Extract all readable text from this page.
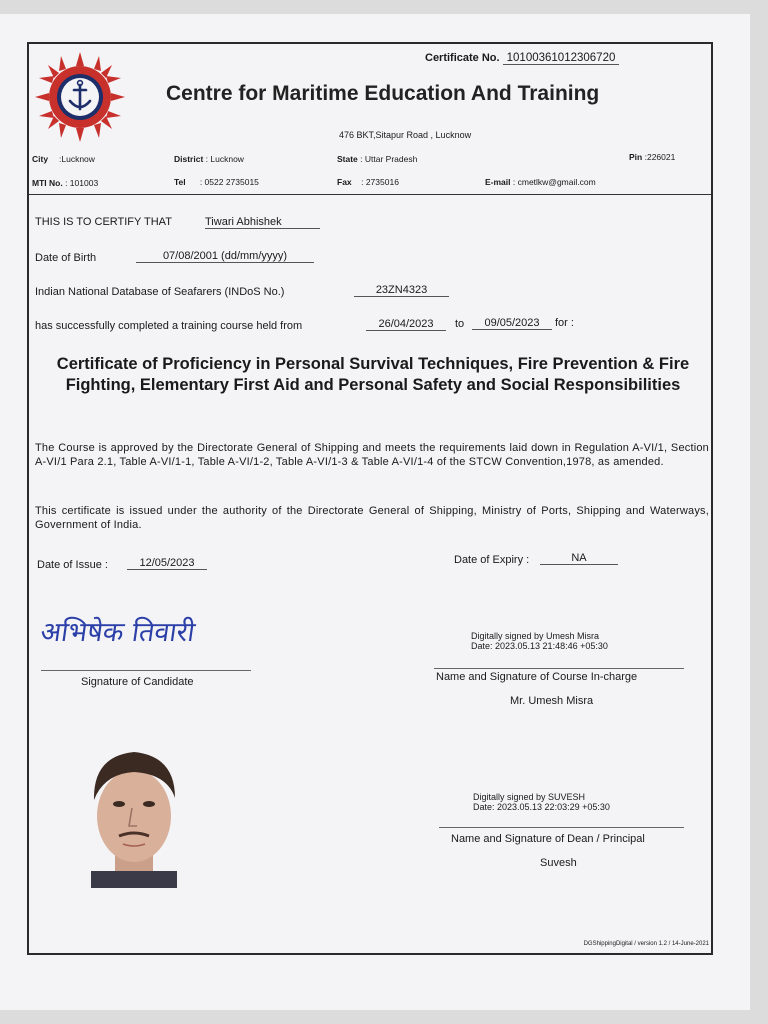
Certificate No. 10100361012306720
Centre for Maritime Education And Training
476 BKT,Sitapur Road , Lucknow
City :Lucknow	District : Lucknow	State : Uttar Pradesh	Pin :226021
MTI No. : 101003	Tel : 0522 2735015	Fax : 2735016	E-mail : cmetlkw@gmail.com
THIS IS TO CERTIFY THAT	Tiwari Abhishek
Date of Birth	07/08/2001 (dd/mm/yyyy)
Indian National Database of Seafarers (INDoS No.)	23ZN4323
has successfully completed a training course held from	26/04/2023	to	09/05/2023	for :
Certificate of Proficiency in Personal Survival Techniques, Fire Prevention & Fire Fighting, Elementary First Aid and Personal Safety and Social Responsibilities
The Course is approved by the Directorate General of Shipping and meets the requirements laid down in Regulation A-VI/1, Section A-VI/1 Para 2.1, Table A-VI/1-1, Table A-VI/1-2, Table A-VI/1-3 & Table A-VI/1-4 of the STCW Convention,1978, as amended.
This certificate is issued under the authority of the Directorate General of Shipping, Ministry of Ports, Shipping and Waterways, Government of India.
Date of Issue :	12/05/2023	Date of Expiry :	NA
अभिषेक तिवारी
Signature of Candidate
Digitally signed by Umesh Misra
Date: 2023.05.13 21:48:46 +05:30
Name and Signature of Course In-charge
Mr. Umesh Misra
Digitally signed by SUVESH
Date: 2023.05.13 22:03:29 +05:30
Name and Signature of Dean / Principal
Suvesh
DGShippingDigital / version 1.2 / 14-June-2021
